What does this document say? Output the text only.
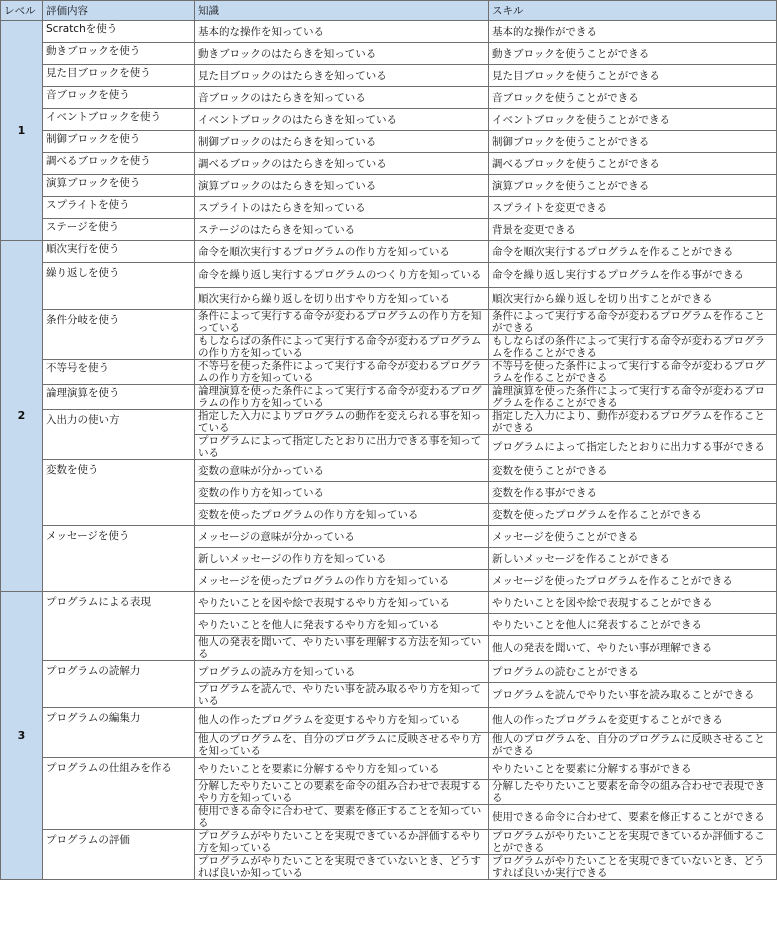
レベル	評価内容	知識	スキル
1	Scratchを使う	基本的な操作を知っている	基本的な操作ができる
	動きブロックを使う	動きブロックのはたらきを知っている	動きブロックを使うことができる
	見た目ブロックを使う	見た目ブロックのはたらきを知っている	見た目ブロックを使うことができる
	音ブロックを使う	音ブロックのはたらきを知っている	音ブロックを使うことができる
	イベントブロックを使う	イベントブロックのはたらきを知っている	イベントブロックを使うことができる
	制御ブロックを使う	制御ブロックのはたらきを知っている	制御ブロックを使うことができる
	調べるブロックを使う	調べるブロックのはたらきを知っている	調べるブロックを使うことができる
	演算ブロックを使う	演算ブロックのはたらきを知っている	演算ブロックを使うことができる
	スプライトを使う	スプライトのはたらきを知っている	スプライトを変更できる
	ステージを使う	ステージのはたらきを知っている	背景を変更できる
2	順次実行を使う	命令を順次実行するプログラムの作り方を知っている	命令を順次実行するプログラムを作ることができる
	繰り返しを使う	命令を繰り返し実行するプログラムのつくり方を知っている	命令を繰り返し実行するプログラムを作る事ができる
		順次実行から繰り返しを切り出すやり方を知っている	順次実行から繰り返しを切り出すことができる
	条件分岐を使う	条件によって実行する命令が変わるプログラムの作り方を知っている	条件によって実行する命令が変わるプログラムを作ることができる
		もしならばの条件によって実行する命令が変わるプログラムの作り方を知っている	もしならばの条件によって実行する命令が変わるプログラムを作ることができる
	不等号を使う	不等号を使った条件によって実行する命令が変わるプログラムの作り方を知っている	不等号を使った条件によって実行する命令が変わるプログラムを作ることができる
	論理演算を使う	論理演算を使った条件によって実行する命令が変わるプログラムの作り方を知っている	論理演算を使った条件によって実行する命令が変わるプログラムを作ることができる
	入出力の使い方	指定した入力によりプログラムの動作を変えられる事を知っている	指定した入力により、動作が変わるプログラムを作ることができる
		プログラムによって指定したとおりに出力できる事を知っている	プログラムによって指定したとおりに出力する事ができる
	変数を使う	変数の意味が分かっている	変数を使うことができる
		変数の作り方を知っている	変数を作る事ができる
		変数を使ったプログラムの作り方を知っている	変数を使ったプログラムを作ることができる
	メッセージを使う	メッセージの意味が分かっている	メッセージを使うことができる
		新しいメッセージの作り方を知っている	新しいメッセージを作ることができる
		メッセージを使ったプログラムの作り方を知っている	メッセージを使ったプログラムを作ることができる
3	プログラムによる表現	やりたいことを図や絵で表現するやり方を知っている	やりたいことを図や絵で表現することができる
		やりたいことを他人に発表するやり方を知っている	やりたいことを他人に発表することができる
		他人の発表を聞いて、やりたい事を理解する方法を知っている	他人の発表を聞いて、やりたい事が理解できる
	プログラムの読解力	プログラムの読み方を知っている	プログラムの読むことができる
		プログラムを読んで、やりたい事を読み取るやり方を知っている	プログラムを読んでやりたい事を読み取ることができる
	プログラムの編集力	他人の作ったプログラムを変更するやり方を知っている	他人の作ったプログラムを変更することができる
		他人のプログラムを、自分のプログラムに反映させるやり方を知っている	他人のプログラムを、自分のプログラムに反映させることができる
	プログラムの仕組みを作る	やりたいことを要素に分解するやり方を知っている	やりたいことを要素に分解する事ができる
		分解したやりたいことの要素を命令の組み合わせで表現するやり方を知っている	分解したやりたいこと要素を命令の組み合わせで表現できる
		使用できる命令に合わせて、要素を修正することを知っている	使用できる命令に合わせて、要素を修正することができる
	プログラムの評価	プログラムがやりたいことを実現できているか評価するやり方を知っている	プログラムがやりたいことを実現できているか評価することができる
		プログラムがやりたいことを実現できていないとき、どうすれば良いか知っている	プログラムがやりたいことを実現できていないとき、どうすれば良いか実行できる
